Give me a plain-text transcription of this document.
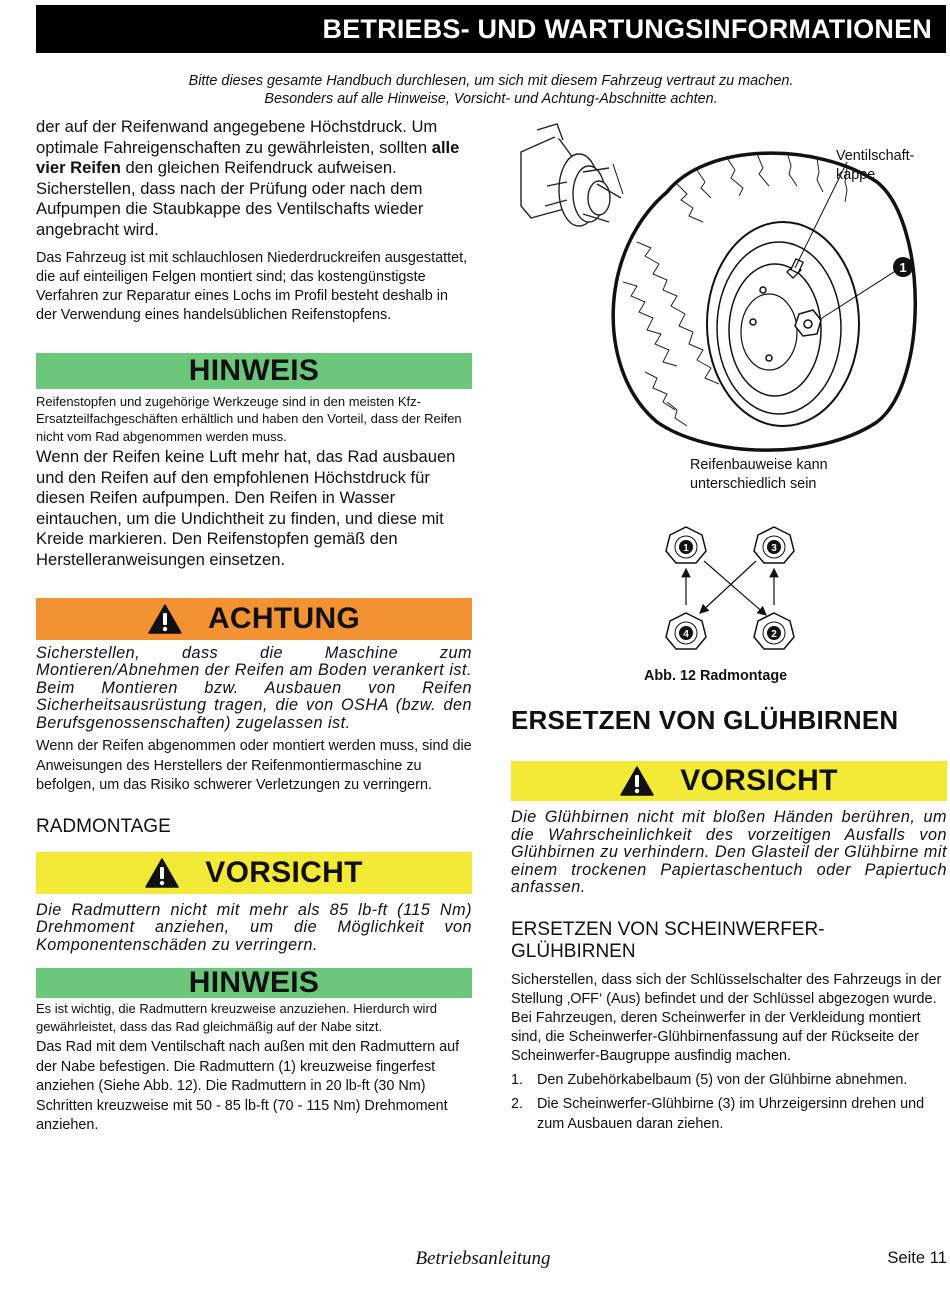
BETRIEBS- UND WARTUNGSINFORMATIONEN
Bitte dieses gesamte Handbuch durchlesen, um sich mit diesem Fahrzeug vertraut zu machen.
Besonders auf alle Hinweise, Vorsicht- und Achtung-Abschnitte achten.

der auf der Reifenwand angegebene Höchstdruck. Um optimale Fahreigenschaften zu gewährleisten, sollten alle vier Reifen den gleichen Reifendruck aufweisen. Sicherstellen, dass nach der Prüfung oder nach dem Aufpumpen die Staubkappe des Ventilschafts wieder angebracht wird.

Das Fahrzeug ist mit schlauchlosen Niederdruckreifen ausgestattet, die auf einteiligen Felgen montiert sind; das kostengünstigste Verfahren zur Reparatur eines Lochs im Profil besteht deshalb in der Verwendung eines handelsüblichen Reifenstopfens.

HINWEIS

Reifenstopfen und zugehörige Werkzeuge sind in den meisten Kfz-Ersatzteilfachgeschäften erhältlich und haben den Vorteil, dass der Reifen nicht vom Rad abgenommen werden muss.

Wenn der Reifen keine Luft mehr hat, das Rad ausbauen und den Reifen auf den empfohlenen Höchstdruck für diesen Reifen aufpumpen. Den Reifen in Wasser eintauchen, um die Undichtheit zu finden, und diese mit Kreide markieren. Den Reifenstopfen gemäß den Herstelleranweisungen einsetzen.

ACHTUNG

Sicherstellen, dass die Maschine zum Montieren/Abnehmen der Reifen am Boden verankert ist. Beim Montieren bzw. Ausbauen von Reifen Sicherheitsausrüstung tragen, die von OSHA (bzw. den Berufsgenossenschaften) zugelassen ist.

Wenn der Reifen abgenommen oder montiert werden muss, sind die Anweisungen des Herstellers der Reifenmontiermaschine zu befolgen, um das Risiko schwerer Verletzungen zu verringern.

RADMONTAGE
VORSICHT

Die Radmuttern nicht mit mehr als 85 lb-ft (115 Nm) Drehmoment anziehen, um die Möglichkeit von Komponentenschäden zu verringern.

HINWEIS

Es ist wichtig, die Radmuttern kreuzweise anzuziehen. Hierdurch wird gewährleistet, dass das Rad gleichmäßig auf der Nabe sitzt.

Das Rad mit dem Ventilschaft nach außen mit den Radmuttern auf der Nabe befestigen. Die Radmuttern (1) kreuzweise fingerfest anziehen (Siehe Abb. 12). Die Radmuttern in 20 lb-ft (30 Nm) Schritten kreuzweise mit 50 - 85 lb-ft (70 - 115 Nm) Drehmoment anziehen.

1
Ventilschaft-
kappe
Reifenbauweise kann
unterschiedlich sein
1	3
4	2
Abb. 12 Radmontage
ERSETZEN VON GLÜHBIRNEN
VORSICHT

Die Glühbirnen nicht mit bloßen Händen berühren, um die Wahrscheinlichkeit des vorzeitigen Ausfalls von Glühbirnen zu verhindern. Den Glasteil der Glühbirne mit einem trockenen Papiertaschentuch oder Papiertuch anfassen.

ERSETZEN VON SCHEINWERFER-GLÜHBIRNEN

Sicherstellen, dass sich der Schlüsselschalter des Fahrzeugs in der Stellung ‚OFF‘ (Aus) befindet und der Schlüssel abgezogen wurde. Bei Fahrzeugen, deren Scheinwerfer in der Verkleidung montiert sind, die Scheinwerfer-Glühbirnenfassung auf der Rückseite der Scheinwerfer-Baugruppe ausfindig machen.

1. Den Zubehörkabelbaum (5) von der Glühbirne abnehmen.
2. Die Scheinwerfer-Glühbirne (3) im Uhrzeigersinn drehen und zum Ausbauen daran ziehen.
Betriebsanleitung	Seite 11
